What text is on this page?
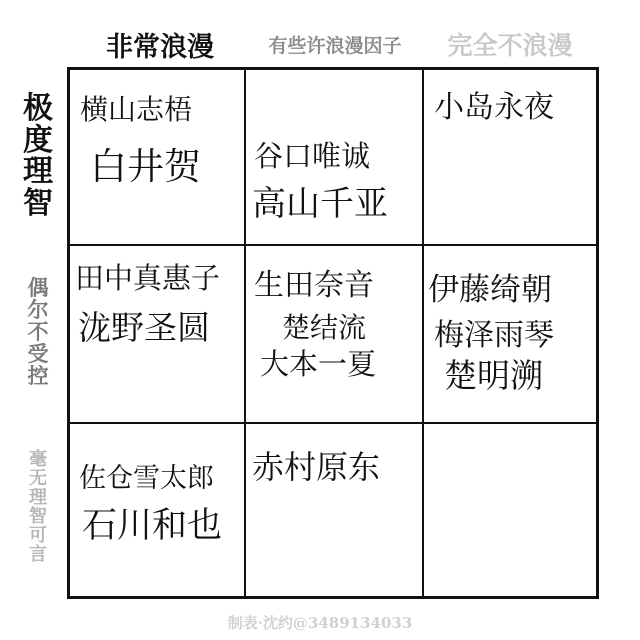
非常浪漫	有些许浪漫因子	完全不浪漫
极
度
理
智
偶
尔
不
受
控
毫
无
理
智
可
言
横山志梧
白井贺 谷口唯诚
高山千亚
小岛永夜
田中真惠子
泷野圣圆
生田奈音
楚结流
大本一夏
伊藤绮朝
梅泽雨琴
楚明溯
佐仓雪太郎
石川和也
赤村原东
制表·沈约@3489134033
